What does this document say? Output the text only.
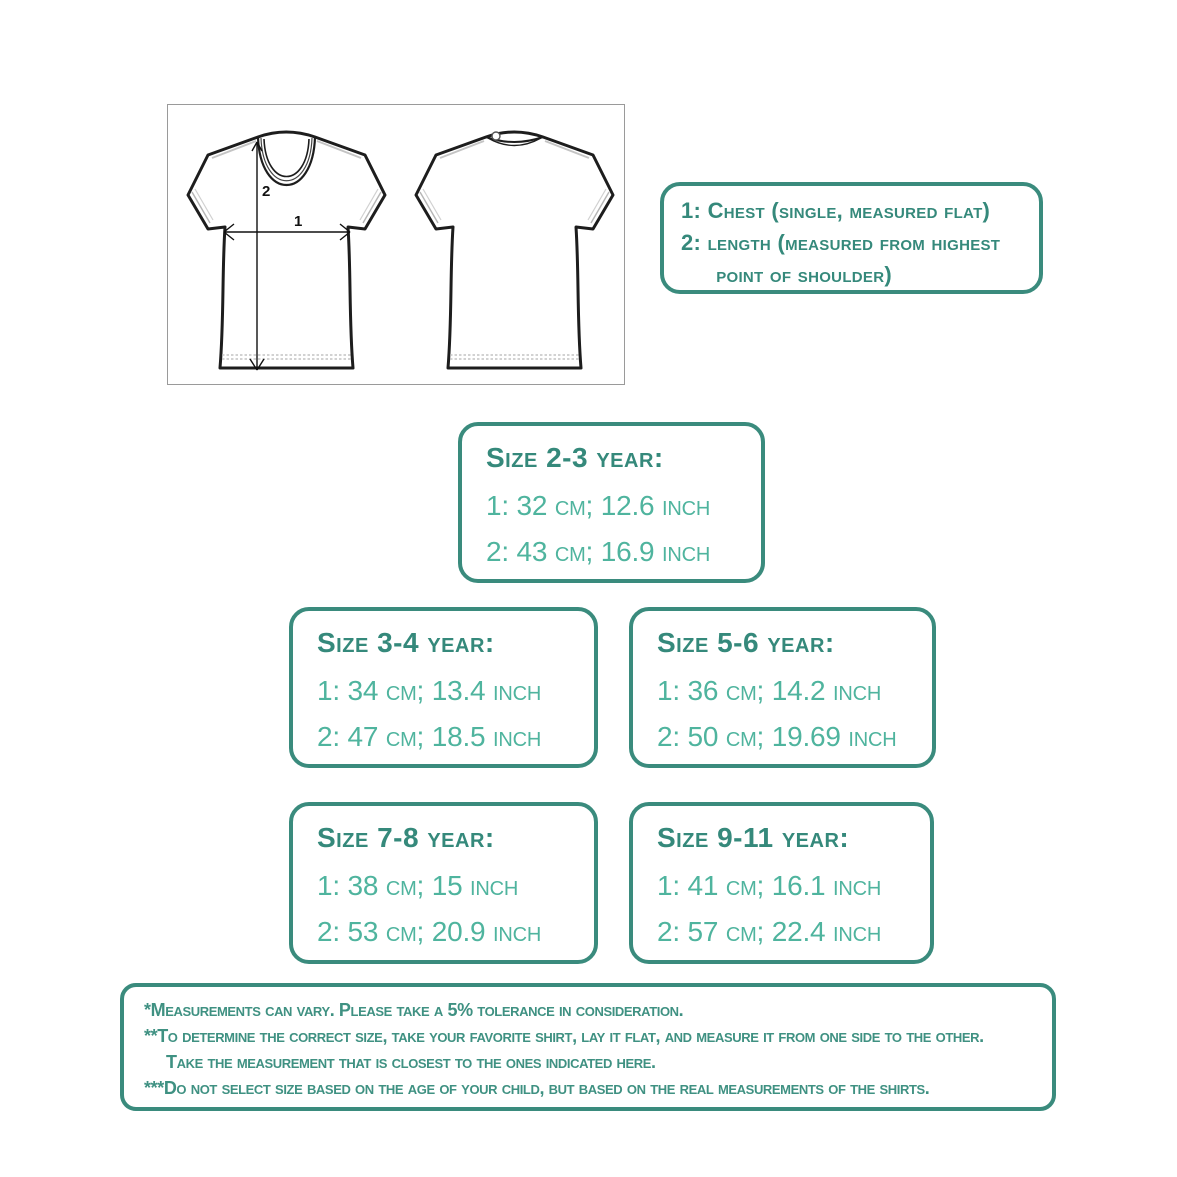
2
1	1: Chest (single, measured flat)
2: length (measured from highest point of shoulder)
Size 2-3 year:
1: 32 cm; 12.6 inch
2: 43 cm; 16.9 inch
Size 3-4 year:
1: 34 cm; 13.4 inch
2: 47 cm; 18.5 inch
Size 5-6 year:
1: 36 cm; 14.2 inch
2: 50 cm; 19.69 inch
Size 7-8 year:
1: 38 cm; 15 inch
2: 53 cm; 20.9 inch
Size 9-11 year:
1: 41 cm; 16.1 inch
2: 57 cm; 22.4 inch
*Measurements can vary. Please take a 5% tolerance in consideration.
**To determine the correct size, take your favorite shirt, lay it flat, and measure it from one side to the other.
Take the measurement that is closest to the ones indicated here.
***Do not select size based on the age of your child, but based on the real measurements of the shirts.
